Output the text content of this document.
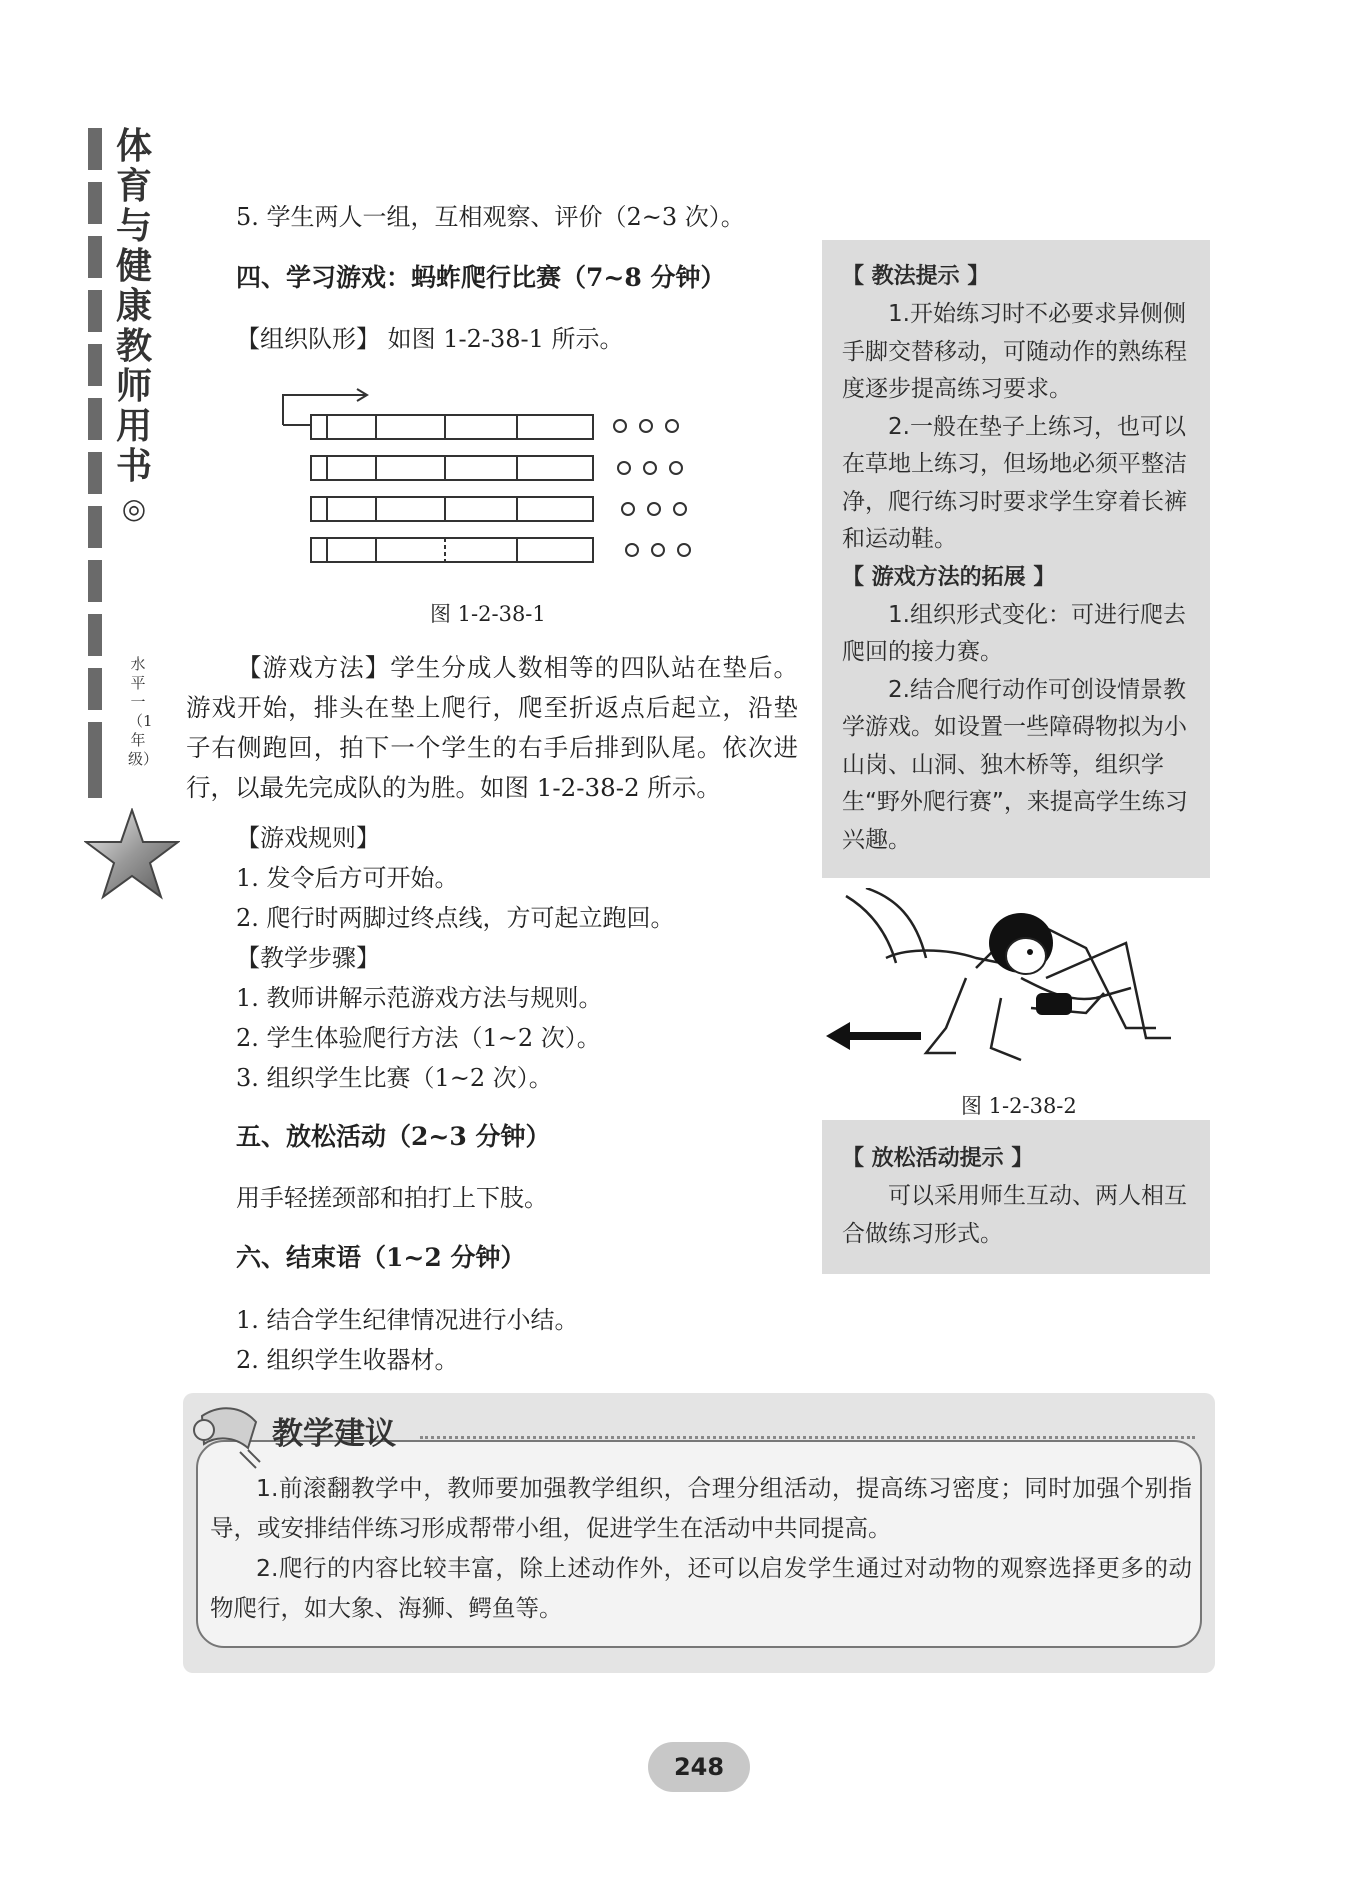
体育与健康教师用书
◎
水平一（1年级）
5. 学生两人一组，互相观察、评价（2~3 次）。
四、学习游戏：蚂蚱爬行比赛（7~8 分钟）
【组织队形】 如图 1-2-38-1 所示。
图 1-2-38-1
【游戏方法】学生分成人数相等的四队站在垫后。游戏开始，排头在垫上爬行，爬至折返点后起立，沿垫子右侧跑回，拍下一个学生的右手后排到队尾。依次进行，以最先完成队的为胜。如图 1-2-38-2 所示。
【游戏规则】
1. 发令后方可开始。
2. 爬行时两脚过终点线，方可起立跑回。
【教学步骤】
1. 教师讲解示范游戏方法与规则。
2. 学生体验爬行方法（1~2 次）。
3. 组织学生比赛（1~2 次）。
五、放松活动（2~3 分钟）
用手轻搓颈部和拍打上下肢。
六、结束语（1~2 分钟）
1. 结合学生纪律情况进行小结。
2. 组织学生收器材。
【 教法提示 】
1.开始练习时不必要求异侧侧手脚交替移动，可随动作的熟练程度逐步提高练习要求。
2.一般在垫子上练习，也可以在草地上练习，但场地必须平整洁净，爬行练习时要求学生穿着长裤和运动鞋。
【 游戏方法的拓展 】
1.组织形式变化：可进行爬去爬回的接力赛。
2.结合爬行动作可创设情景教学游戏。如设置一些障碍物拟为小山岗、山洞、独木桥等，组织学生“野外爬行赛”，来提高学生练习兴趣。
图 1-2-38-2
【 放松活动提示 】
可以采用师生互动、两人相互合做练习形式。
教学建议
1.前滚翻教学中，教师要加强教学组织，合理分组活动，提高练习密度；同时加强个别指导，或安排结伴练习形成帮带小组，促进学生在活动中共同提高。
2.爬行的内容比较丰富，除上述动作外，还可以启发学生通过对动物的观察选择更多的动物爬行，如大象、海狮、鳄鱼等。
248
